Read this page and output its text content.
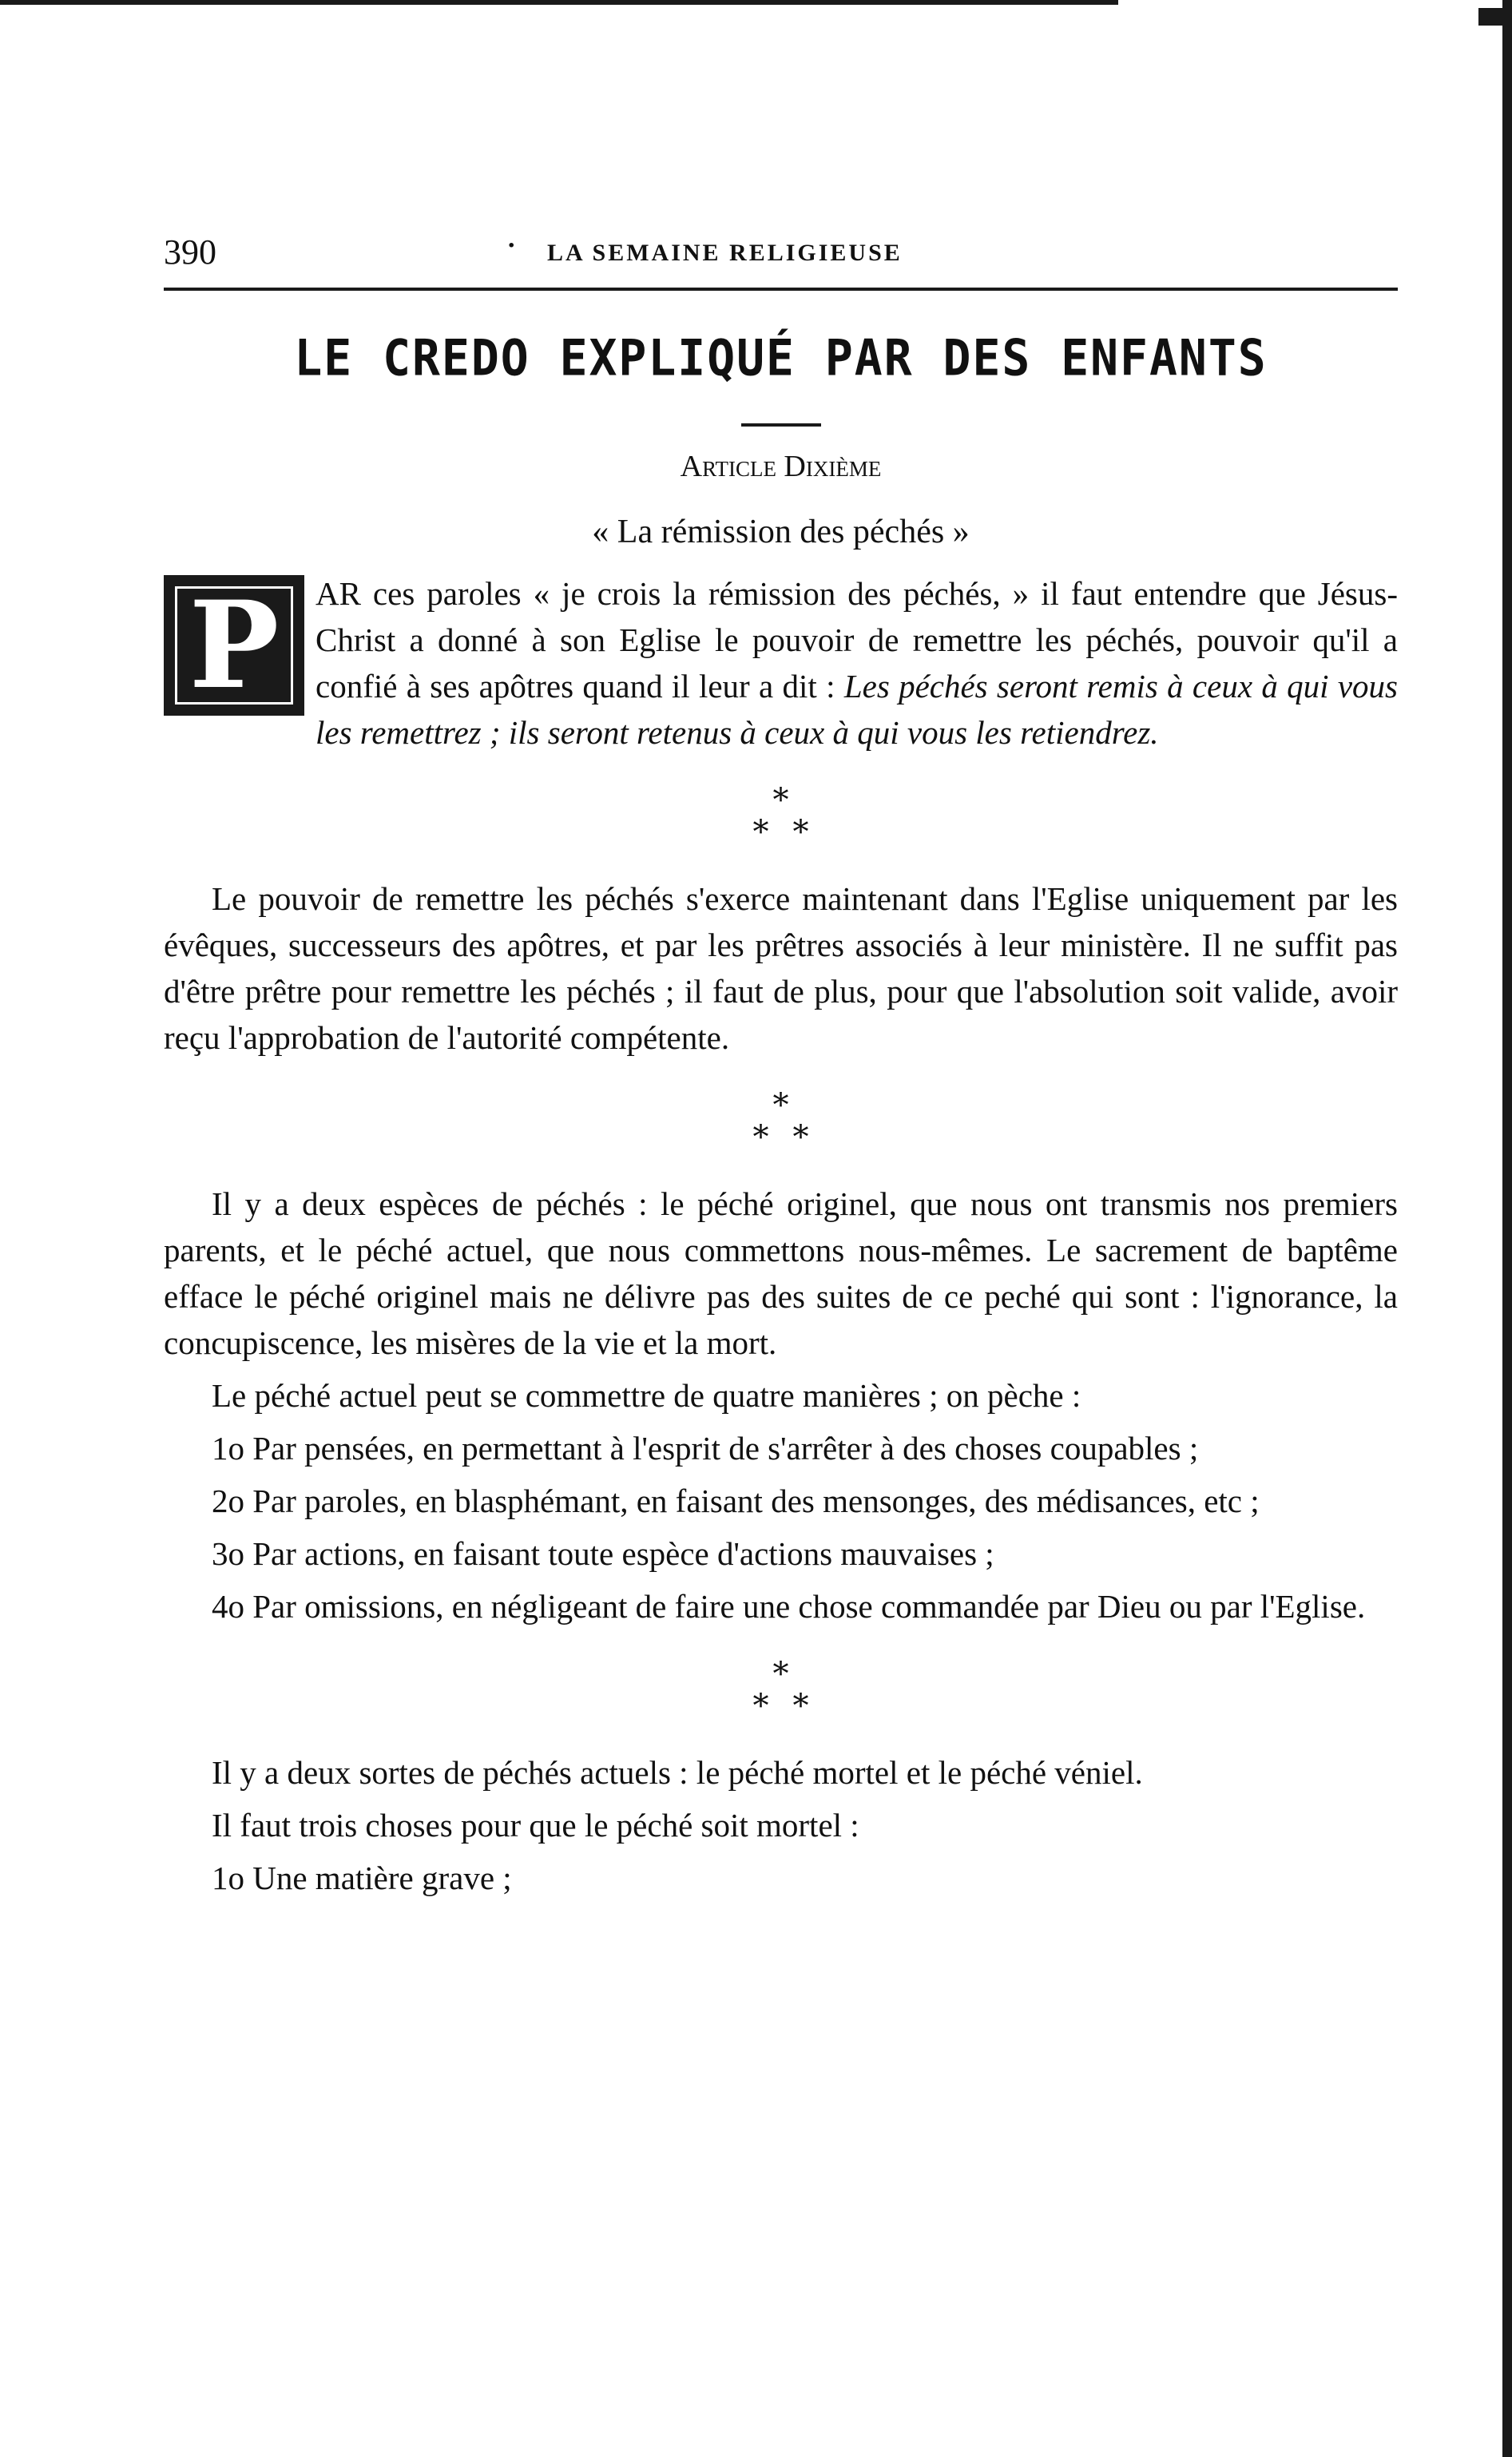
390	· LA SEMAINE RELIGIEUSE
LE CREDO EXPLIQUÉ PAR DES ENFANTS
Article Dixième
« La rémission des péchés »
P	AR ces paroles « je crois la rémission des péchés, » il faut entendre que Jésus-Christ a donné à son Eglise le pouvoir de remettre les péchés, pouvoir qu'il a confié à ses apôtres quand il leur a dit : Les péchés seront remis à ceux à qui vous les remettrez ; ils seront retenus à ceux à qui vous les retiendrez.

*
**

Le pouvoir de remettre les péchés s'exerce maintenant dans l'Eglise uniquement par les évêques, successeurs des apôtres, et par les prêtres associés à leur ministère. Il ne suffit pas d'être prêtre pour remettre les péchés ; il faut de plus, pour que l'absolution soit valide, avoir reçu l'approbation de l'autorité compétente.

*
**

Il y a deux espèces de péchés : le péché originel, que nous ont transmis nos premiers parents, et le péché actuel, que nous commettons nous-mêmes. Le sacrement de baptême efface le péché originel mais ne délivre pas des suites de ce peché qui sont : l'ignorance, la concupiscence, les misères de la vie et la mort.

Le péché actuel peut se commettre de quatre manières ; on pèche :

1o Par pensées, en permettant à l'esprit de s'arrêter à des choses coupables ;

2o Par paroles, en blasphémant, en faisant des mensonges, des médisances, etc ;

3o Par actions, en faisant toute espèce d'actions mauvaises ;

4o Par omissions, en négligeant de faire une chose commandée par Dieu ou par l'Eglise.

*
**

Il y a deux sortes de péchés actuels : le péché mortel et le péché véniel.

Il faut trois choses pour que le péché soit mortel :

1o Une matière grave ;
